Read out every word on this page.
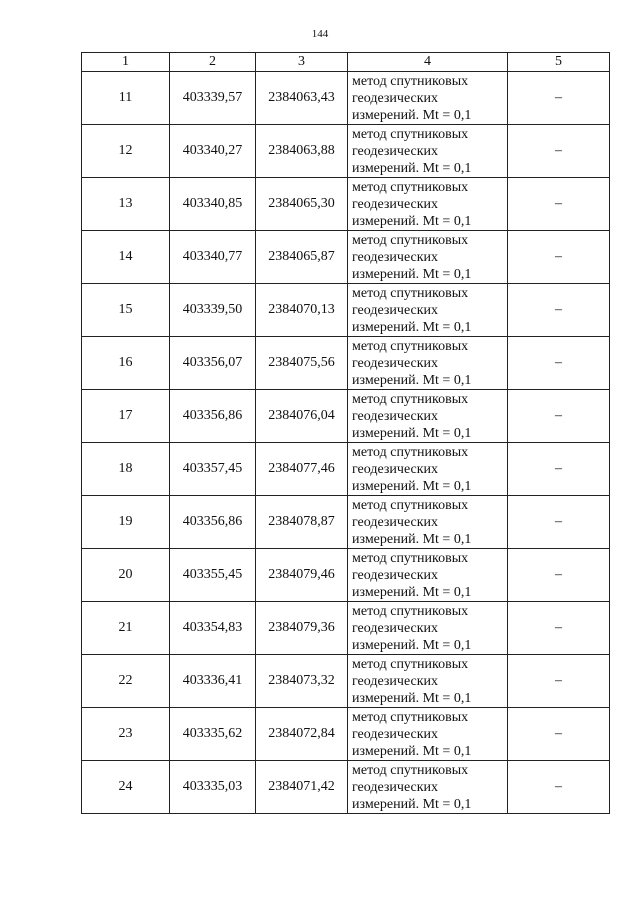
144
1	2	3	4	5
11	403339,57	2384063,43	метод спутниковых
геодезических
измерений. Mt = 0,1	–
12	403340,27	2384063,88	метод спутниковых
геодезических
измерений. Mt = 0,1	–
13	403340,85	2384065,30	метод спутниковых
геодезических
измерений. Mt = 0,1	–
14	403340,77	2384065,87	метод спутниковых
геодезических
измерений. Mt = 0,1	–
15	403339,50	2384070,13	метод спутниковых
геодезических
измерений. Mt = 0,1	–
16	403356,07	2384075,56	метод спутниковых
геодезических
измерений. Mt = 0,1	–
17	403356,86	2384076,04	метод спутниковых
геодезических
измерений. Mt = 0,1	–
18	403357,45	2384077,46	метод спутниковых
геодезических
измерений. Mt = 0,1	–
19	403356,86	2384078,87	метод спутниковых
геодезических
измерений. Mt = 0,1	–
20	403355,45	2384079,46	метод спутниковых
геодезических
измерений. Mt = 0,1	–
21	403354,83	2384079,36	метод спутниковых
геодезических
измерений. Mt = 0,1	–
22	403336,41	2384073,32	метод спутниковых
геодезических
измерений. Mt = 0,1	–
23	403335,62	2384072,84	метод спутниковых
геодезических
измерений. Mt = 0,1	–
24	403335,03	2384071,42	метод спутниковых
геодезических
измерений. Mt = 0,1	–
